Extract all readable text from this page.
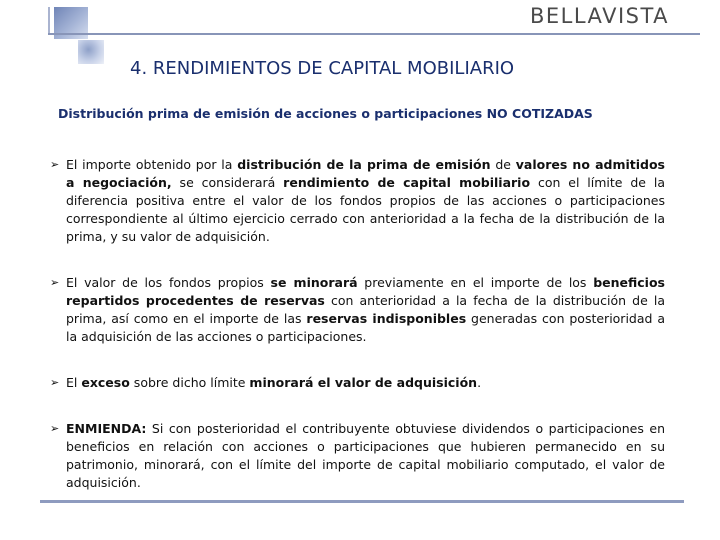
BELLAVISTA
4. RENDIMIENTOS DE CAPITAL MOBILIARIO
Distribución prima de emisión de acciones o participaciones NO COTIZADAS
➢ El importe obtenido por la distribución de la prima de emisión de valores no admitidos a negociación, se considerará rendimiento de capital mobiliario con el límite de la diferencia positiva entre el valor de los fondos propios de las acciones o participaciones correspondiente al último ejercicio cerrado con anterioridad a la fecha de la distribución de la prima, y su valor de adquisición.
➢ El valor de los fondos propios se minorará previamente en el importe de los beneficios repartidos procedentes de reservas con anterioridad a la fecha de la distribución de la prima, así como en el importe de las reservas indisponibles generadas con posterioridad a la adquisición de las acciones o participaciones.
➢ El exceso sobre dicho límite minorará el valor de adquisición.
➢ ENMIENDA: Si con posterioridad el contribuyente obtuviese dividendos o participaciones en beneficios en relación con acciones o participaciones que hubieren permanecido en su patrimonio, minorará, con el límite del importe de capital mobiliario computado, el valor de adquisición.
